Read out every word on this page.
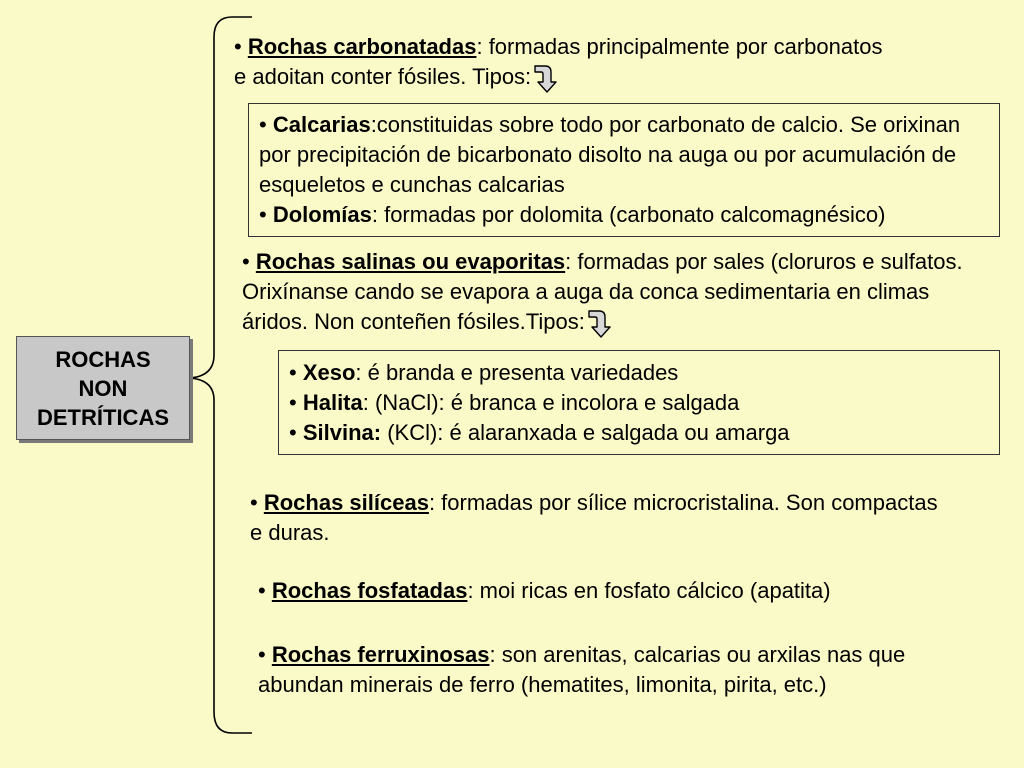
ROCHAS
NON
DETRÍTICAS

• Rochas carbonatadas: formadas principalmente por carbonatos e adoitan conter fósiles. Tipos:

• Calcarias:constituidas sobre todo por carbonato de calcio. Se orixinan por precipitación de bicarbonato disolto na auga ou por acumulación de esqueletos e cunchas calcarias

• Dolomías: formadas por dolomita (carbonato calcomagnésico)

• Rochas salinas ou evaporitas: formadas por sales (cloruros e sulfatos. Orixínanse cando se evapora a auga da conca sedimentaria en climas áridos. Non conteñen fósiles.Tipos:

• Xeso: é branda e presenta variedades

• Halita: (NaCl): é branca e incolora e salgada

• Silvina: (KCl): é alaranxada e salgada ou amarga

• Rochas silíceas: formadas por sílice microcristalina. Son compactas e duras.

• Rochas fosfatadas: moi ricas en fosfato cálcico (apatita)

• Rochas ferruxinosas: son arenitas, calcarias ou arxilas nas que abundan minerais de ferro (hematites, limonita, pirita, etc.)
